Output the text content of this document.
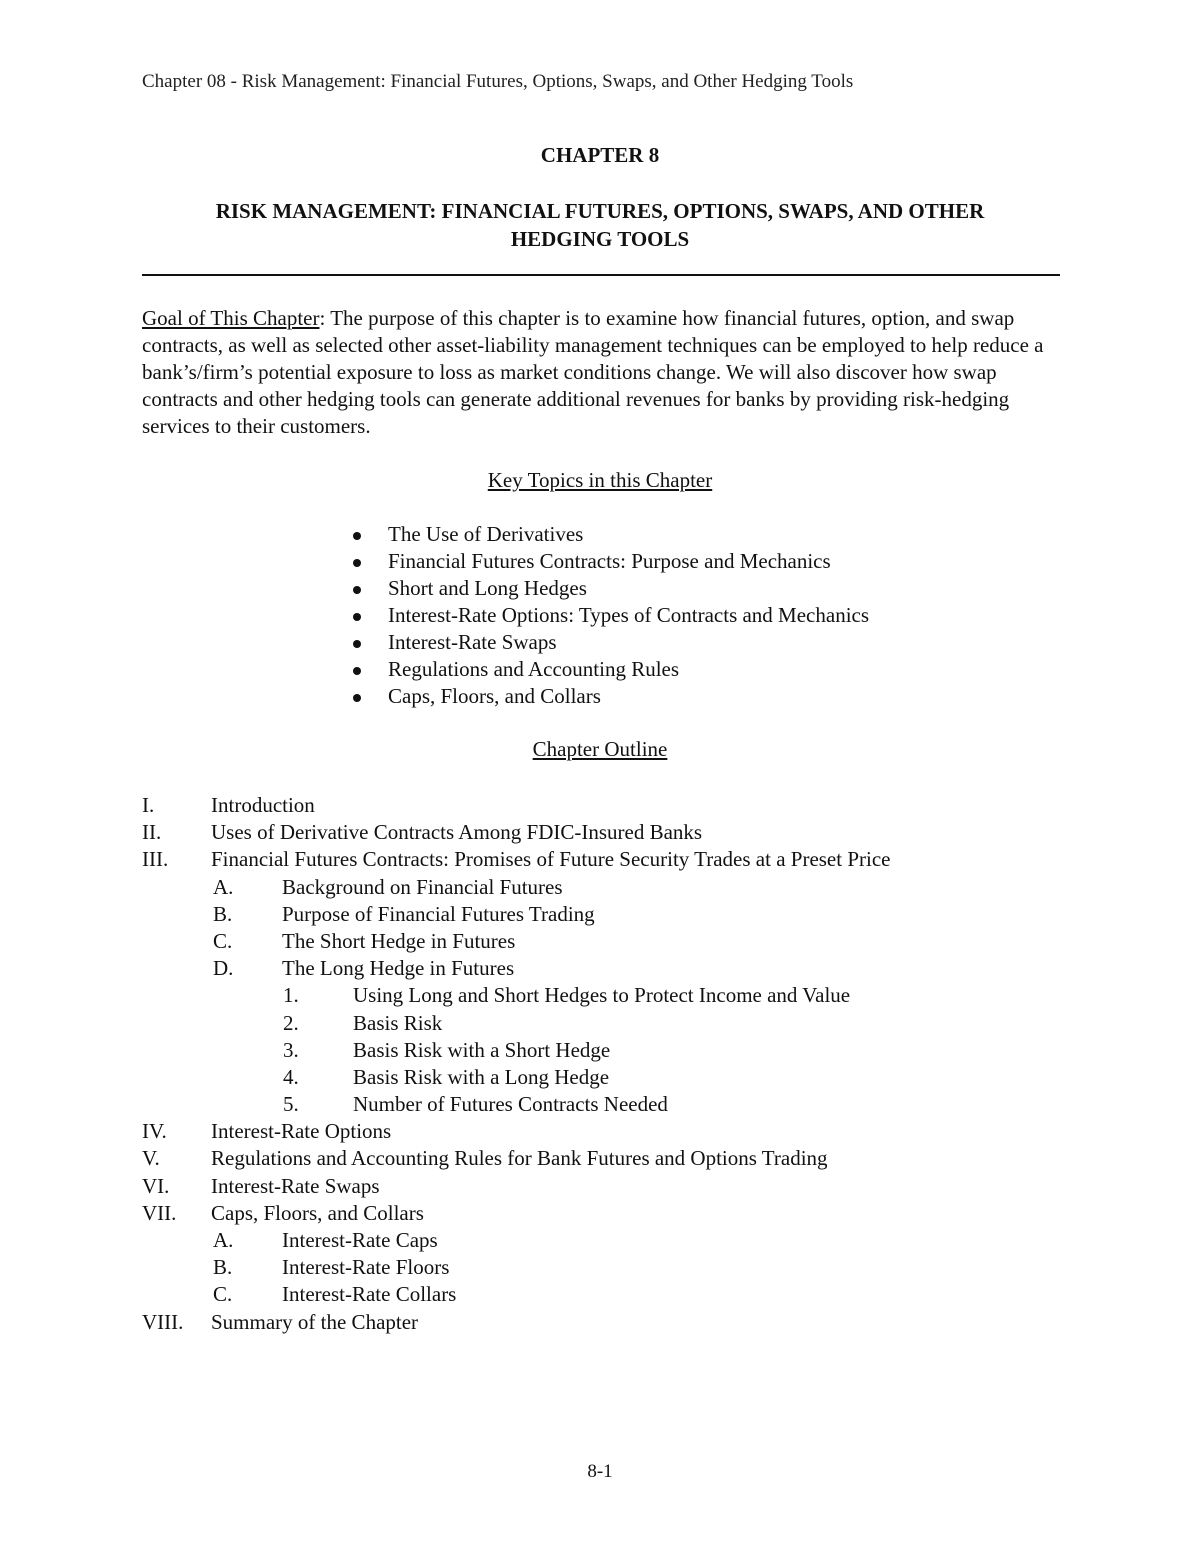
Chapter 08 - Risk Management: Financial Futures, Options, Swaps, and Other Hedging Tools
CHAPTER 8
RISK MANAGEMENT: FINANCIAL FUTURES, OPTIONS, SWAPS, AND OTHER
HEDGING TOOLS
Goal of This Chapter: The purpose of this chapter is to examine how financial futures, option, and swap contracts, as well as selected other asset-liability management techniques can be employed to help reduce a bank’s/firm’s potential exposure to loss as market conditions change. We will also discover how swap contracts and other hedging tools can generate additional revenues for banks by providing risk-hedging services to their customers.
Key Topics in this Chapter
The Use of Derivatives
Financial Futures Contracts: Purpose and Mechanics
Short and Long Hedges
Interest-Rate Options: Types of Contracts and Mechanics
Interest-Rate Swaps
Regulations and Accounting Rules
Caps, Floors, and Collars
Chapter Outline
I.	Introduction
II. Uses of Derivative Contracts Among FDIC-Insured Banks
III. Financial Futures Contracts: Promises of Future Security Trades at a Preset Price
A. Background on Financial Futures
B. Purpose of Financial Futures Trading
C. The Short Hedge in Futures
D. The Long Hedge in Futures
1.	Using Long and Short Hedges to Protect Income and Value
2.	Basis Risk
3.	Basis Risk with a Short Hedge
4.	Basis Risk with a Long Hedge
5.	Number of Futures Contracts Needed
IV. Interest-Rate Options
V. Regulations and Accounting Rules for Bank Futures and Options Trading
VI. Interest-Rate Swaps
VII. Caps, Floors, and Collars
A. Interest-Rate Caps
B. Interest-Rate Floors
C. Interest-Rate Collars
VIII. Summary of the Chapter
8-1
